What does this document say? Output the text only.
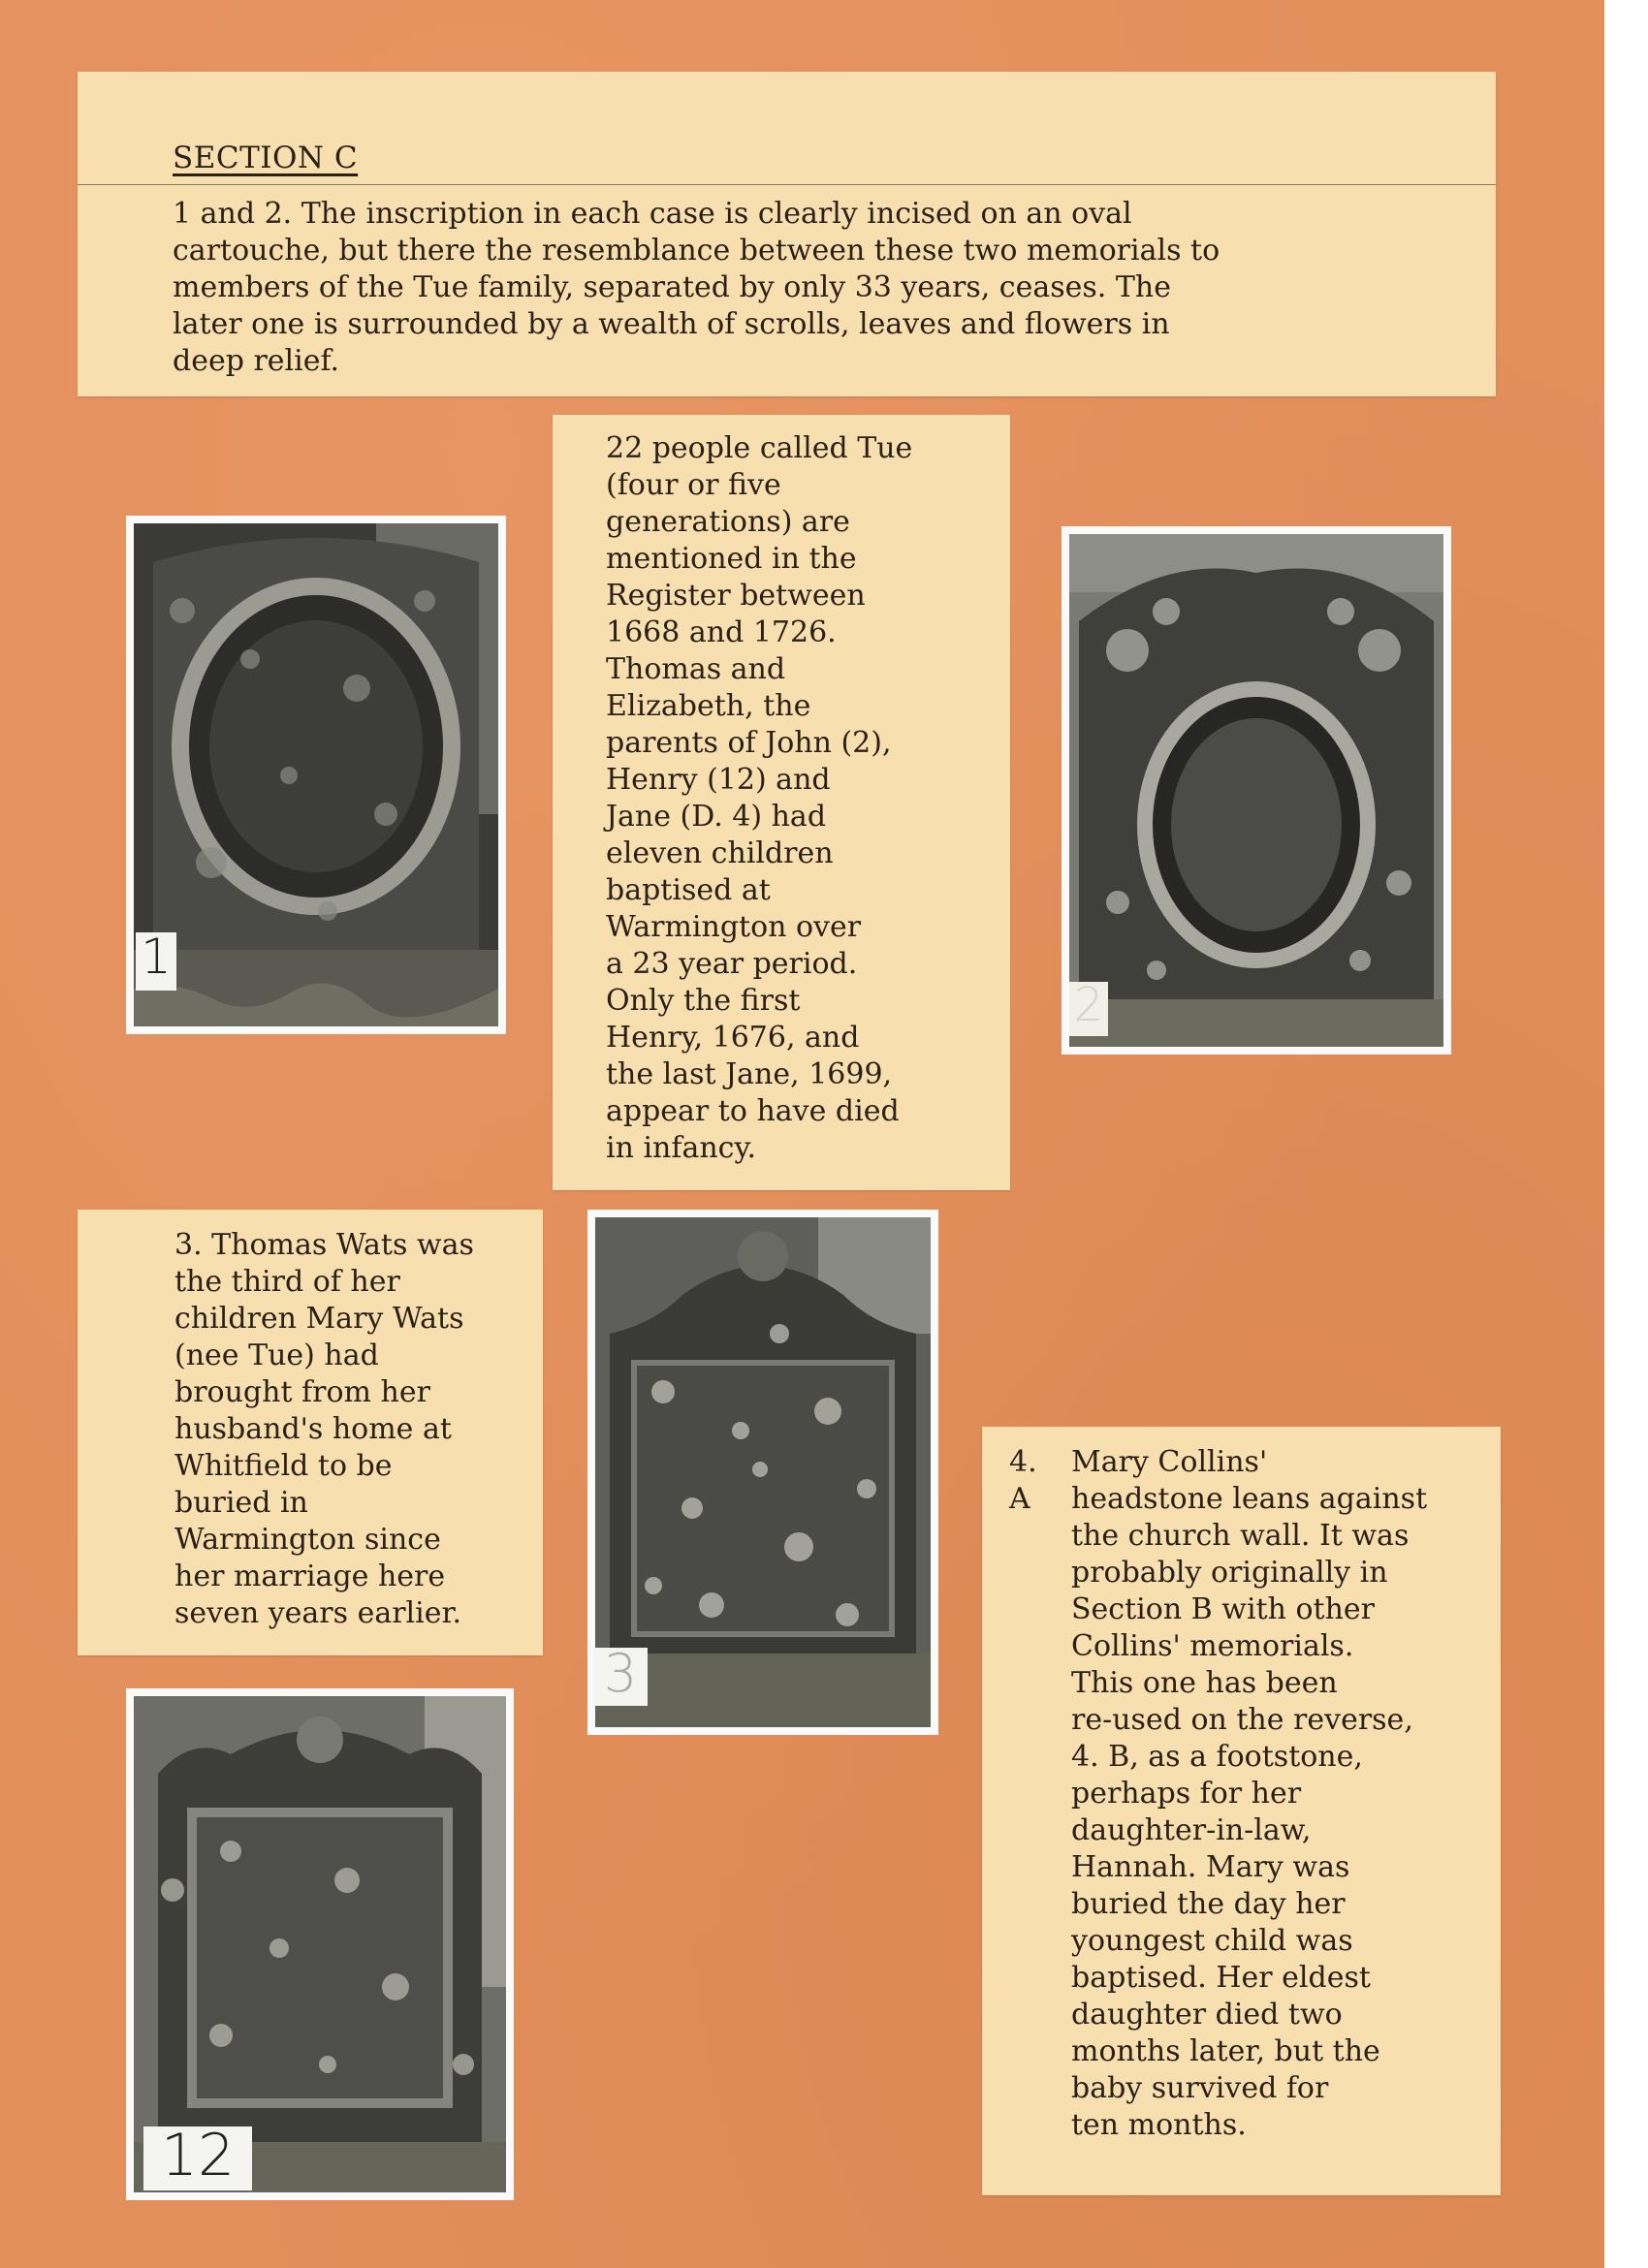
SECTION C

1 and 2. The inscription in each case is clearly incised on an oval
cartouche, but there the resemblance between these two memorials to
members of the Tue family, separated by only 33 years, ceases. The
later one is surrounded by a wealth of scrolls, leaves and flowers in
deep relief.

1

22 people called Tue
(four or five
generations) are
mentioned in the
Register between
1668 and 1726.
Thomas and
Elizabeth, the
parents of John (2),
Henry (12) and
Jane (D. 4) had
eleven children
baptised at
Warmington over
a 23 year period.
Only the first
Henry, 1676, and
the last Jane, 1699,
appear to have died
in infancy.

2

3. Thomas Wats was
the third of her
children Mary Wats
(nee Tue) had
brought from her
husband's home at
Whitfield to be
buried in
Warmington since
her marriage here
seven years earlier.

3
4.
A

Mary Collins'
headstone leans against
the church wall. It was
probably originally in
Section B with other
Collins' memorials.
This one has been
re-used on the reverse,
4. B, as a footstone,
perhaps for her
daughter-in-law,
Hannah. Mary was
buried the day her
youngest child was
baptised. Her eldest
daughter died two
months later, but the
baby survived for
ten months.

12
